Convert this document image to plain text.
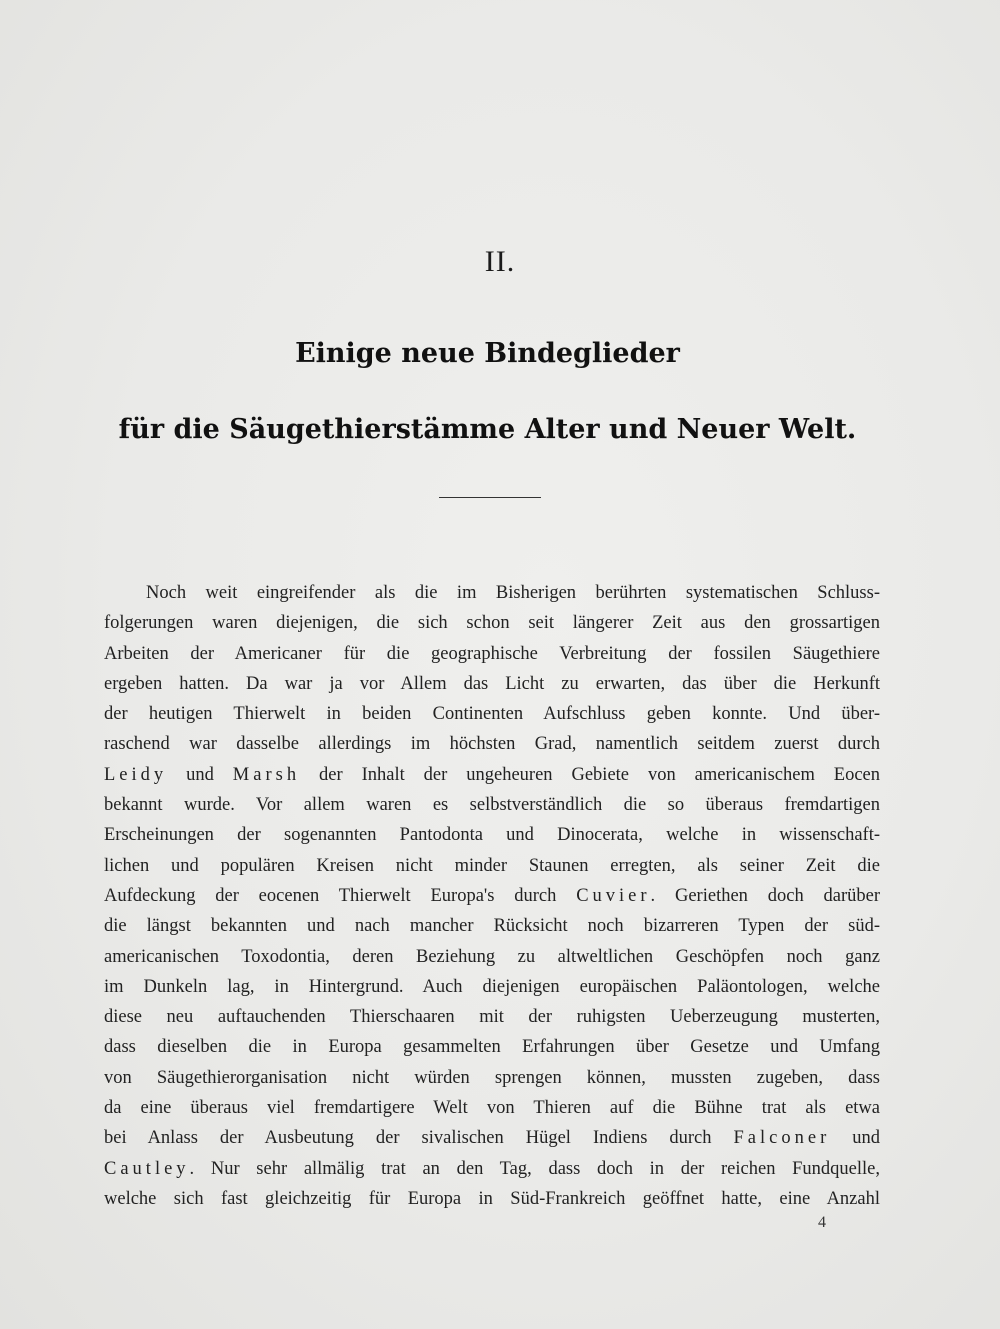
II.
Einige neue Bindeglieder
für die Säugethierstämme Alter und Neuer Welt.
Noch weit eingreifender als die im Bisherigen berührten systematischen Schluss-
folgerungen waren diejenigen, die sich schon seit längerer Zeit aus den grossartigen
Arbeiten der Americaner für die geographische Verbreitung der fossilen Säugethiere
ergeben hatten. Da war ja vor Allem das Licht zu erwarten, das über die Herkunft
der heutigen Thierwelt in beiden Continenten Aufschluss geben konnte. Und über-
raschend war dasselbe allerdings im höchsten Grad, namentlich seitdem zuerst durch
Leidy und Marsh der Inhalt der ungeheuren Gebiete von americanischem Eocen
bekannt wurde. Vor allem waren es selbstverständlich die so überaus fremdartigen
Erscheinungen der sogenannten Pantodonta und Dinocerata, welche in wissenschaft-
lichen und populären Kreisen nicht minder Staunen erregten, als seiner Zeit die
Aufdeckung der eocenen Thierwelt Europa's durch Cuvier. Geriethen doch darüber
die längst bekannten und nach mancher Rücksicht noch bizarreren Typen der süd-
americanischen Toxodontia, deren Beziehung zu altweltlichen Geschöpfen noch ganz
im Dunkeln lag, in Hintergrund. Auch diejenigen europäischen Paläontologen, welche
diese neu auftauchenden Thierschaaren mit der ruhigsten Ueberzeugung musterten,
dass dieselben die in Europa gesammelten Erfahrungen über Gesetze und Umfang
von Säugethierorganisation nicht würden sprengen können, mussten zugeben, dass
da eine überaus viel fremdartigere Welt von Thieren auf die Bühne trat als etwa
bei Anlass der Ausbeutung der sivalischen Hügel Indiens durch Falconer und
Cautley. Nur sehr allmälig trat an den Tag, dass doch in der reichen Fundquelle,
welche sich fast gleichzeitig für Europa in Süd-Frankreich geöffnet hatte, eine Anzahl
4
